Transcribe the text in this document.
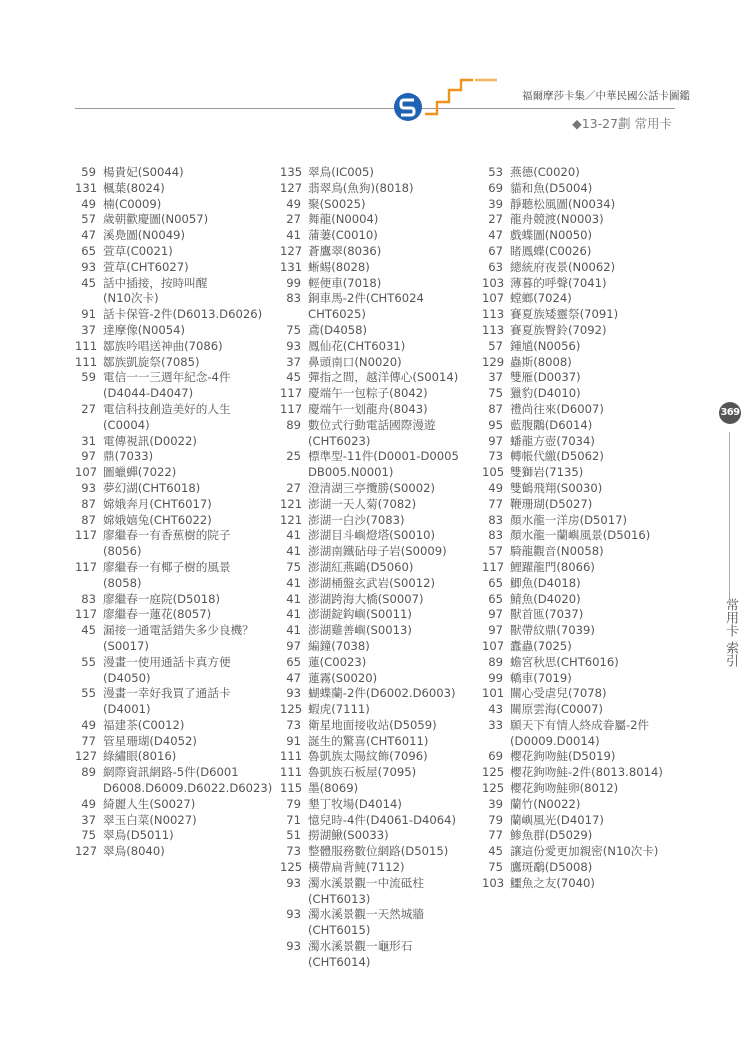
福爾摩莎卡集／中華民國公話卡圖鑑
◆13-27劃 常用卡
59 楊貴妃(S0044)
131 楓葉(8024)
49 楠(C0009)
57 歲朝歡慶圖(N0057)
47 溪鳧圖(N0049)
65 萱草(C0021)
93 萱草(CHT6027)
45 話中插接，按時叫醒
(N10次卡)
91 話卡保管-2件(D6013.D6026)
37 達摩像(N0054)
111 鄒族吟唱送神曲(7086)
111 鄒族凱旋祭(7085)
59 電信一一三週年紀念-4件
(D4044-D4047)
27 電信科技創造美好的人生
(C0004)
31 電傳視訊(D0022)
97 鼎(7033)
107 圖蠟蟬(7022)
93 夢幻湖(CHT6018)
87 嫦娥奔月(CHT6017)
87 嫦娥嬉兔(CHT6022)
117 廖繼春一有香蕉樹的院子
(8056)
117 廖繼春一有椰子樹的風景
(8058)
83 廖繼春一庭院(D5018)
117 廖繼春一蓮花(8057)
45 漏接一通電話錯失多少良機？
(S0017)
55 漫畫一使用通話卡真方便
(D4050)
55 漫畫一幸好我買了通話卡
(D4001)
49 福建茶(C0012)
77 管星珊瑚(D4052)
127 綠繡眼(8016)
89 網際資訊網路-5件(D6001
D6008.D6009.D6022.D6023)
49 綺麗人生(S0027)
37 翠玉白菜(N0027)
75 翠鳥(D5011)
127 翠鳥(8040)
135 翠鳥(IC005)
127 翡翠鳥(魚狗)(8018)
49 聚(S0025)
27 舞龍(N0004)
41 蒲萋(C0010)
127 蒼鷹翠(8036)
131 蜥蜴(8028)
99 輕便車(7018)
83 銅車馬-2件(CHT6024
CHT6025)
75 鳶(D4058)
93 鳳仙花(CHT6031)
37 鼻頭南口(N0020)
45 彈指之間，越洋傳心(S0014)
117 慶端午一包粽子(8042)
117 慶端午一划龍舟(8043)
89 數位式行動電話國際漫遊
(CHT6023)
25 標準型-11件(D0001-D0005
DB005.N0001)
27 澄清湖三亭攬勝(S0002)
121 澎湖一天人菊(7082)
121 澎湖一白沙(7083)
41 澎湖目斗嶼燈塔(S0010)
41 澎湖南鐵砧母子岩(S0009)
75 澎湖紅燕鷗(D5060)
41 澎湖桶盤玄武岩(S0012)
41 澎湖跨海大橋(S0007)
41 澎湖錠鈎嶼(S0011)
41 澎湖雞善嶼(S0013)
97 編鐘(7038)
65 蓮(C0023)
47 蓮霧(S0020)
93 蝴蝶蘭-2件(D6002.D6003)
125 蝦虎(7111)
73 衛星地面接收站(D5059)
91 誕生的驚喜(CHT6011)
111 魯凱族太陽紋飾(7096)
111 魯凱族石板屋(7095)
115 墨(8069)
79 墾丁牧場(D4014)
71 憶兒時-4件(D4061-D4064)
51 撈湖鰍(S0033)
73 整體服務數位網路(D5015)
125 橫帶扁背魨(7112)
93 濁水溪景觀一中流砥柱
(CHT6013)
93 濁水溪景觀一天然城牆
(CHT6015)
93 濁水溪景觀一龜形石
(CHT6014)
53 燕德(C0020)
69 貓和魚(D5004)
39 靜聽松風圖(N0034)
27 龍舟競渡(N0003)
47 戲蝶圖(N0050)
67 睹鳳蝶(C0026)
63 總統府夜景(N0062)
103 薄暮的呼聲(7041)
107 螳螂(7024)
113 賽夏族矮靈祭(7091)
113 賽夏族臀鈴(7092)
57 鍾馗(N0056)
129 蟲斯(8008)
37 雙雁(D0037)
75 獵豹(D4010)
87 禮尚往來(D6007)
95 藍腹鷴(D6014)
97 蟠龍方壺(7034)
73 轉帳代繳(D5062)
105 雙獅岩(7135)
49 雙鶴飛翔(S0030)
77 鞭珊瑚(D5027)
83 顏水龍一洋房(D5017)
83 顏水龍一蘭嶼風景(D5016)
57 騎龍觀音(N0058)
117 鯉躍龍門(8066)
65 鯽魚(D4018)
65 鯖魚(D4020)
97 獸首匜(7037)
97 獸帶紋鼎(7039)
107 蠹蟲(7025)
89 蟾宮秋思(CHT6016)
99 轎車(7019)
101 關心受虐兒(7078)
43 關原雲海(C0007)
33 願天下有情人終成眷屬-2件
(D0009.D0014)
69 櫻花鉤吻鮭(D5019)
125 櫻花鉤吻鮭-2件(8013.8014)
125 櫻花鉤吻鮭卵(8012)
39 蘭竹(N0022)
79 蘭嶼風光(D4017)
77 鯵魚群(D5029)
45 讓這份愛更加親密(N10次卡)
75 鷹斑鷸(D5008)
103 鱷魚之友(7040)
369
常用卡 索引
